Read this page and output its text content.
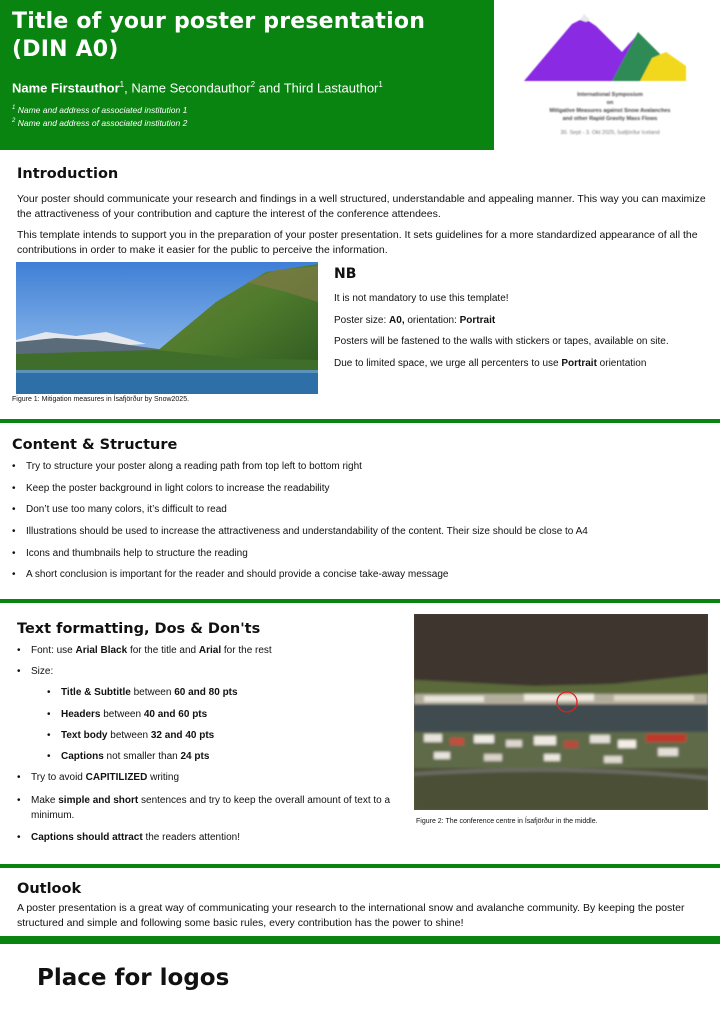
Title of your poster presentation (DIN A0)
Name Firstauthor$^1$, Name Secondauthor$^2$ and Third Lastauthor$^1$
$^1$ Name and address of associated institution 1
$^2$ Name and address of associated institution 2
International Symposium
on
Mitigative Measures against Snow Avalanches
and other Rapid Gravity Mass Flows
30. Sept - 3. Okt 2025, Ísafjörður Iceland
Introduction

Your poster should communicate your research and findings in a well structured, understandable and appealing manner. This way you can maximize the attractiveness of your contribution and capture the interest of the conference attendees.

This template intends to support you in the preparation of your poster presentation. It sets guidelines for a more standardized appearance of all the contributions in order to make it easier for the public to perceive the information.

Figure 1: Mitigation measures in Ísafjörður by Snow2025.
NB

It is not mandatory to use this template!

Poster size: A0, orientation: Portrait

Posters will be fastened to the walls with stickers or tapes, available on site.

Due to limited space, we urge all percenters to use Portrait orientation

Content & Structure
• Try to structure your poster along a reading path from top left to bottom right
• Keep the poster background in light colors to increase the readability
• Don’t use too many colors, it’s difficult to read
• Illustrations should be used to increase the attractiveness and understandability of the content. Their size should be close to A4
• Icons and thumbnails help to structure the reading
• A short conclusion is important for the reader and should provide a concise take-away message
Text formatting, Dos & Don'ts
• Font: use Arial Black for the title and Arial for the rest
• Size:
• Title & Subtitle between 60 and 80 pts
• Headers between 40 and 60 pts
• Text body between 32 and 40 pts
• Captions not smaller than 24 pts
• Try to avoid CAPITILIZED writing
• Make simple and short sentences and try to keep the overall amount of text to a minimum.
• Captions should attract the readers attention!
Figure 2: The conference centre in Ísafjörður in the middle.
Outlook

A poster presentation is a great way of communicating your research to the international snow and avalanche community. By keeping the poster structured and simple and following some basic rules, every contribution has the power to shine!

Place for logos
